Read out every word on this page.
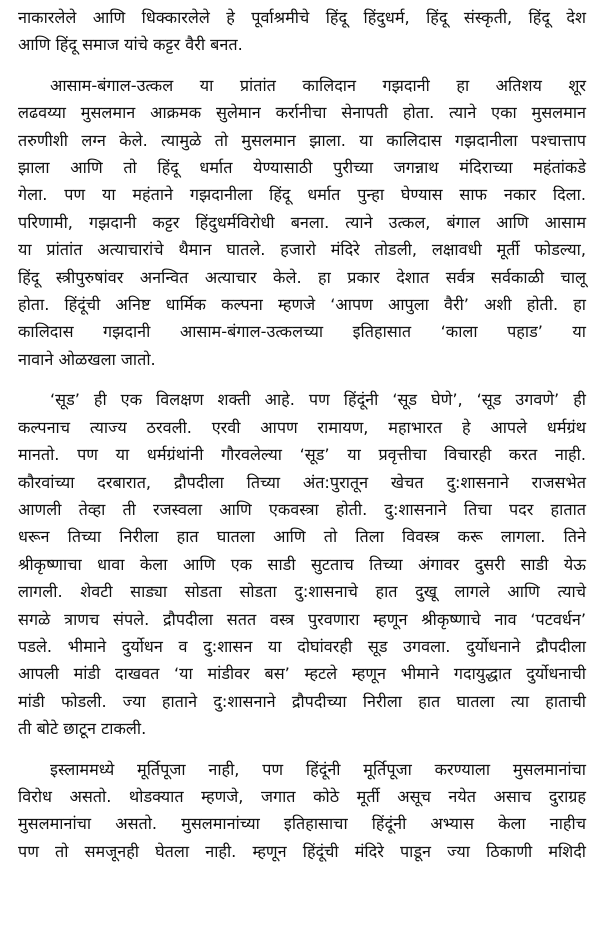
नाकारलेले आणि धिक्कारलेले हे पूर्वाश्रमीचे हिंदू हिंदुधर्म, हिंदू संस्कृती, हिंदू देश
आणि हिंदू समाज यांचे कट्टर वैरी बनत.
आसाम-बंगाल-उत्कल या प्रांतांत कालिदान गझदानी हा अतिशय शूर
लढवय्या मुसलमान आक्रमक सुलेमान कर्रानीचा सेनापती होता. त्याने एका मुसलमान
तरुणीशी लग्न केले. त्यामुळे तो मुसलमान झाला. या कालिदास गझदानीला पश्चात्ताप
झाला आणि तो हिंदू धर्मात येण्यासाठी पुरीच्या जगन्नाथ मंदिराच्या महंतांकडे
गेला. पण या महंताने गझदानीला हिंदू धर्मात पुन्हा घेण्यास साफ नकार दिला.
परिणामी, गझदानी कट्टर हिंदुधर्मविरोधी बनला. त्याने उत्कल, बंगाल आणि आसाम
या प्रांतांत अत्याचारांचे थैमान घातले. हजारो मंदिरे तोडली, लक्षावधी मूर्ती फोडल्या,
हिंदू स्त्रीपुरुषांवर अनन्वित अत्याचार केले. हा प्रकार देशात सर्वत्र सर्वकाळी चालू
होता. हिंदूंची अनिष्ट धार्मिक कल्पना म्हणजे ‘आपण आपुला वैरी’ अशी होती. हा
कालिदास गझदानी आसाम-बंगाल-उत्कलच्या इतिहासात ‘काला पहाड’ या
नावाने ओळखला जातो.
‘सूड’ ही एक विलक्षण शक्ती आहे. पण हिंदूंनी ‘सूड घेणे’, ‘सूड उगवणे’ ही
कल्पनाच त्याज्य ठरवली. एरवी आपण रामायण, महाभारत हे आपले धर्मग्रंथ
मानतो. पण या धर्मग्रंथांनी गौरवलेल्या ‘सूड’ या प्रवृत्तीचा विचारही करत नाही.
कौरवांच्या दरबारात, द्रौपदीला तिच्या अंत:पुरातून खेचत दु:शासनाने राजसभेत
आणली तेव्हा ती रजस्वला आणि एकवस्त्रा होती. दु:शासनाने तिचा पदर हातात
धरून तिच्या निरीला हात घातला आणि तो तिला विवस्त्र करू लागला. तिने
श्रीकृष्णाचा धावा केला आणि एक साडी सुटताच तिच्या अंगावर दुसरी साडी येऊ
लागली. शेवटी साड्या सोडता सोडता दु:शासनाचे हात दुखू लागले आणि त्याचे
सगळे त्राणच संपले. द्रौपदीला सतत वस्त्र पुरवणारा म्हणून श्रीकृष्णाचे नाव ‘पटवर्धन’
पडले. भीमाने दुर्योधन व दु:शासन या दोघांवरही सूड उगवला. दुर्योधनाने द्रौपदीला
आपली मांडी दाखवत ‘या मांडीवर बस’ म्हटले म्हणून भीमाने गदायुद्धात दुर्योधनाची
मांडी फोडली. ज्या हाताने दु:शासनाने द्रौपदीच्या निरीला हात घातला त्या हाताची
ती बोटे छाटून टाकली.
इस्लाममध्ये मूर्तिपूजा नाही, पण हिंदूंनी मूर्तिपूजा करण्याला मुसलमानांचा
विरोध असतो. थोडक्यात म्हणजे, जगात कोठे मूर्ती असूच नयेत असाच दुराग्रह
मुसलमानांचा असतो. मुसलमानांच्या इतिहासाचा हिंदूंनी अभ्यास केला नाहीच
पण तो समजूनही घेतला नाही. म्हणून हिंदूंची मंदिरे पाडून ज्या ठिकाणी मशिदी
